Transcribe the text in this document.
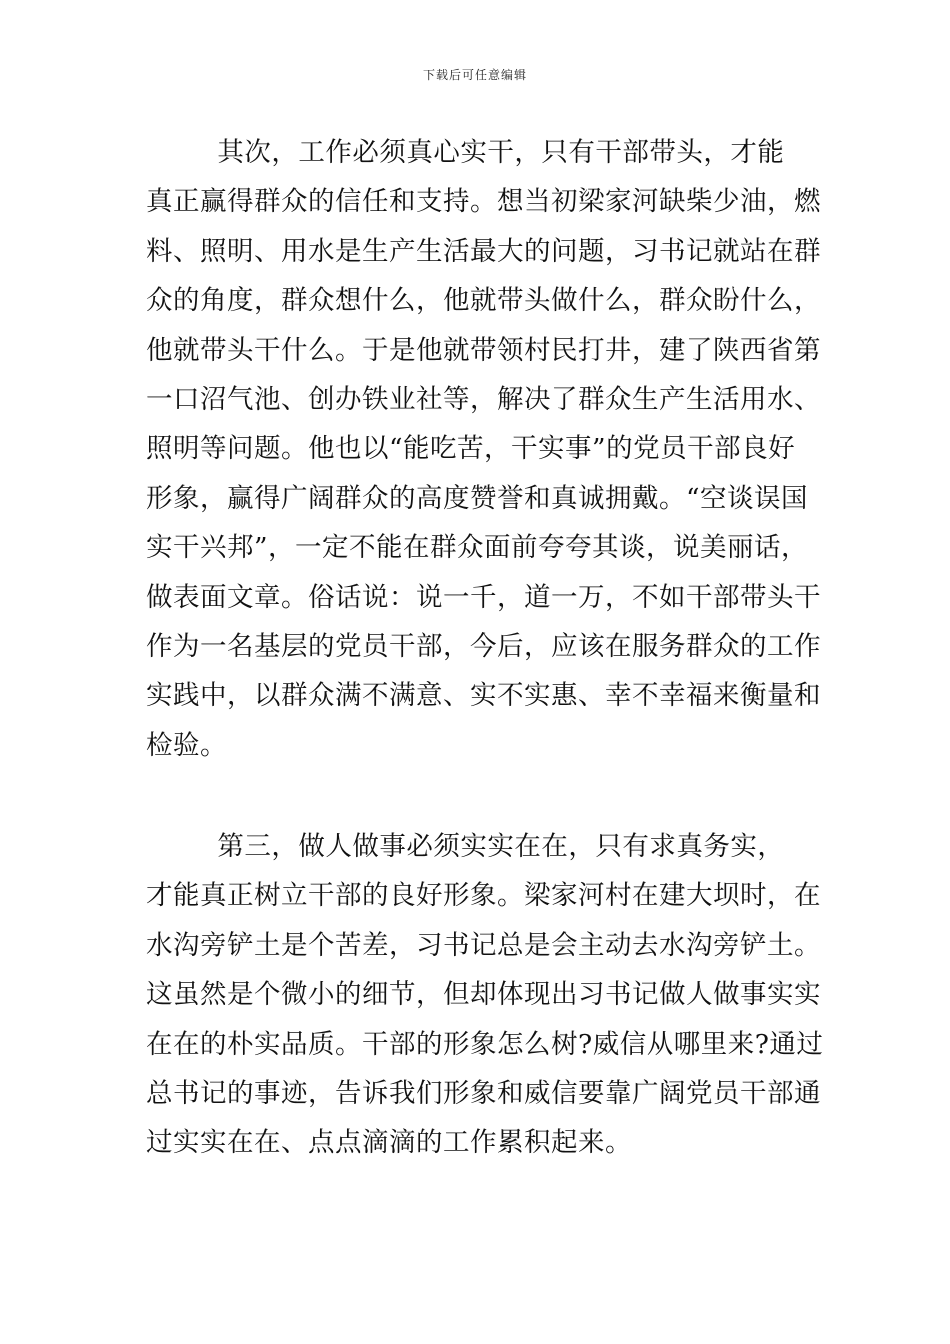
下载后可任意编辑
其次，工作必须真心实干，只有干部带头，才能
真正赢得群众的信任和支持。想当初梁家河缺柴少油，燃
料、照明、用水是生产生活最大的问题，习书记就站在群
众的角度，群众想什么，他就带头做什么，群众盼什么，
他就带头干什么。于是他就带领村民打井，建了陕西省第
一口沼气池、创办铁业社等，解决了群众生产生活用水、
照明等问题。他也以“能吃苦，干实事”的党员干部良好
形象，赢得广阔群众的高度赞誉和真诚拥戴。“空谈误国
实干兴邦”，一定不能在群众面前夸夸其谈，说美丽话，
做表面文章。俗话说：说一千，道一万，不如干部带头干
作为一名基层的党员干部，今后，应该在服务群众的工作
实践中，以群众满不满意、实不实惠、幸不幸福来衡量和
检验。
第三，做人做事必须实实在在，只有求真务实，
才能真正树立干部的良好形象。梁家河村在建大坝时，在
水沟旁铲土是个苦差，习书记总是会主动去水沟旁铲土。
这虽然是个微小的细节，但却体现出习书记做人做事实实
在在的朴实品质。干部的形象怎么树?威信从哪里来?通过
总书记的事迹，告诉我们形象和威信要靠广阔党员干部通
过实实在在、点点滴滴的工作累积起来。
